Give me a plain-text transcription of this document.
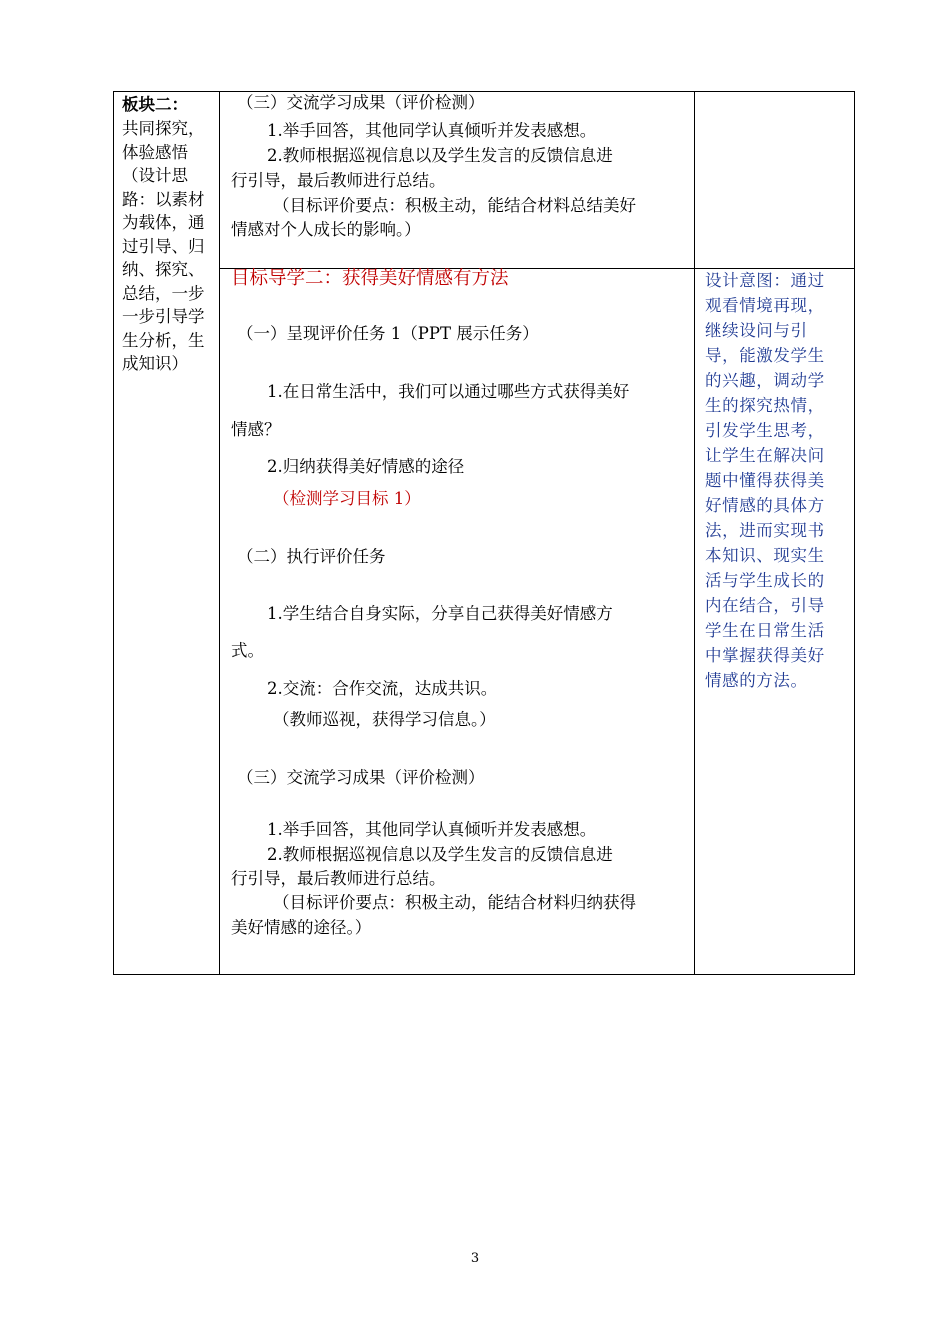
板块二：
共同探究，
体验感悟
（设计思
路：以素材
为载体，通
过引导、归
纳、探究、
总结，一步
一步引导学
生分析，生
成知识）
（三）交流学习成果（评价检测）
1.举手回答，其他同学认真倾听并发表感想。
2.教师根据巡视信息以及学生发言的反馈信息进
行引导，最后教师进行总结。
（目标评价要点：积极主动，能结合材料总结美好
情感对个人成长的影响。）
目标导学二：获得美好情感有方法
（一）呈现评价任务 1（PPT 展示任务）
1.在日常生活中，我们可以通过哪些方式获得美好
情感？
2.归纳获得美好情感的途径
（检测学习目标 1）
（二）执行评价任务
1.学生结合自身实际，分享自己获得美好情感方
式。
2.交流：合作交流，达成共识。
（教师巡视，获得学习信息。）
（三）交流学习成果（评价检测）
1.举手回答，其他同学认真倾听并发表感想。
2.教师根据巡视信息以及学生发言的反馈信息进
行引导，最后教师进行总结。
（目标评价要点：积极主动，能结合材料归纳获得
美好情感的途径。）
设计意图：通过
观看情境再现，
继续设问与引
导，能激发学生
的兴趣，调动学
生的探究热情，
引发学生思考，
让学生在解决问
题中懂得获得美
好情感的具体方
法，进而实现书
本知识、现实生
活与学生成长的
内在结合，引导
学生在日常生活
中掌握获得美好
情感的方法。
3
